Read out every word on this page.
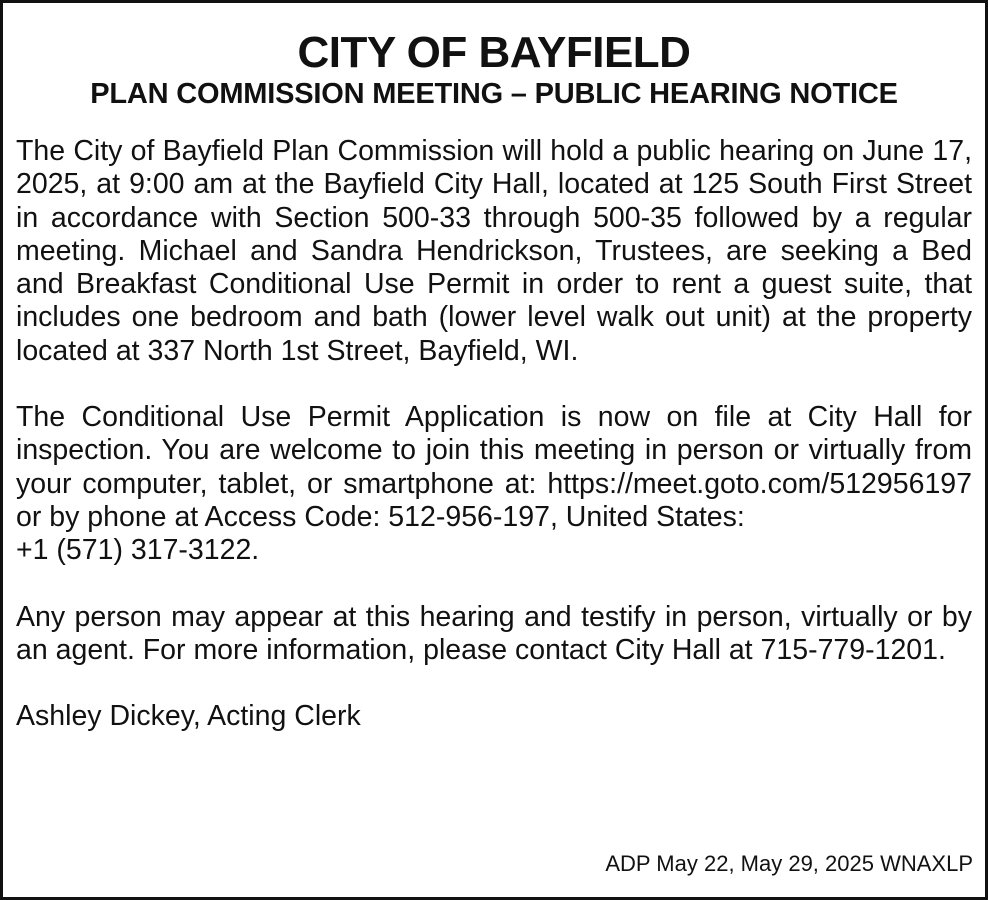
CITY OF BAYFIELD
PLAN COMMISSION MEETING – PUBLIC HEARING NOTICE

The City of Bayfield Plan Commission will hold a public hearing on June 17, 2025, at 9:00 am at the Bayfield City Hall, located at 125 South First Street in accordance with Section 500-33 through 500-35 followed by a regular meeting. Michael and Sandra Hendrickson, Trustees, are seeking a Bed and Breakfast Conditional Use Permit in order to rent a guest suite, that includes one bedroom and bath (lower level walk out unit) at the property located at 337 North 1st Street, Bayfield, WI.

The Conditional Use Permit Application is now on file at City Hall for inspection. You are welcome to join this meeting in person or virtually from your computer, tablet, or smartphone at: https://meet.goto.com/512956197 or by phone at Access Code: 512-956-197, United States:
+1 (571) 317-3122.

Any person may appear at this hearing and testify in person, virtually or by an agent. For more information, please contact City Hall at 715-779-1201.

Ashley Dickey, Acting Clerk

ADP May 22, May 29, 2025 WNAXLP
